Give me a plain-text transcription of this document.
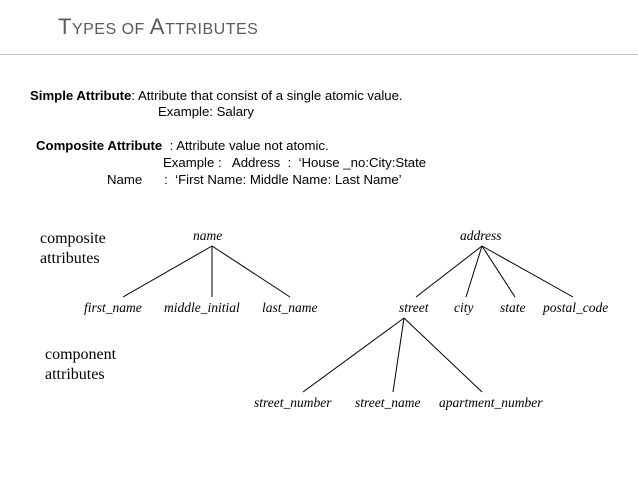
TYPES OF ATTRIBUTES
Simple Attribute: Attribute that consist of a single atomic value.
Example: Salary
Composite Attribute  : Attribute value not atomic.
Example :   Address  :  ‘House _no:City:State
Name      :  ‘First Name: Middle Name: Last Name’
composite
attributes
component
attributes
name
first_name middle_initial last_name
address
street city state postal_code
street_number street_name apartment_number
